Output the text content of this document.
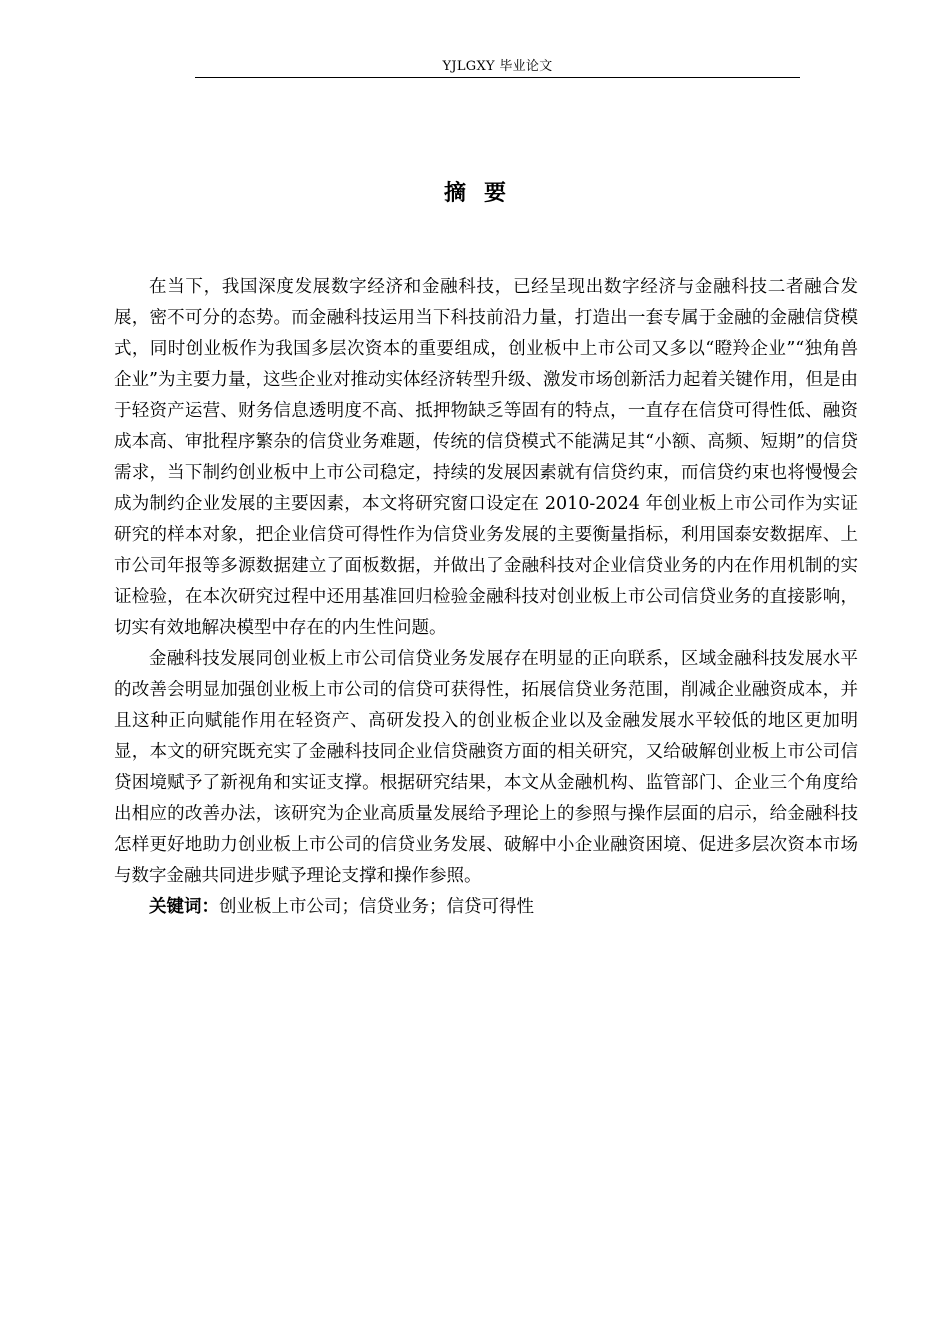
YJLGXY 毕业论文
摘要

在当下，我国深度发展数字经济和金融科技，已经呈现出数字经济与金融科技二者融合发展，密不可分的态势。而金融科技运用当下科技前沿力量，打造出一套专属于金融的金融信贷模式，同时创业板作为我国多层次资本的重要组成，创业板中上市公司又多以“瞪羚企业”“独角兽企业”为主要力量，这些企业对推动实体经济转型升级、激发市场创新活力起着关键作用，但是由于轻资产运营、财务信息透明度不高、抵押物缺乏等固有的特点，一直存在信贷可得性低、融资成本高、审批程序繁杂的信贷业务难题，传统的信贷模式不能满足其“小额、高频、短期”的信贷需求，当下制约创业板中上市公司稳定，持续的发展因素就有信贷约束，而信贷约束也将慢慢会成为制约企业发展的主要因素，本文将研究窗口设定在 2010-2024 年创业板上市公司作为实证研究的样本对象，把企业信贷可得性作为信贷业务发展的主要衡量指标，利用国泰安数据库、上市公司年报等多源数据建立了面板数据，并做出了金融科技对企业信贷业务的内在作用机制的实证检验，在本次研究过程中还用基准回归检验金融科技对创业板上市公司信贷业务的直接影响，切实有效地解决模型中存在的内生性问题。

金融科技发展同创业板上市公司信贷业务发展存在明显的正向联系，区域金融科技发展水平的改善会明显加强创业板上市公司的信贷可获得性，拓展信贷业务范围，削减企业融资成本，并且这种正向赋能作用在轻资产、高研发投入的创业板企业以及金融发展水平较低的地区更加明显，本文的研究既充实了金融科技同企业信贷融资方面的相关研究，又给破解创业板上市公司信贷困境赋予了新视角和实证支撑。根据研究结果，本文从金融机构、监管部门、企业三个角度给出相应的改善办法，该研究为企业高质量发展给予理论上的参照与操作层面的启示，给金融科技怎样更好地助力创业板上市公司的信贷业务发展、破解中小企业融资困境、促进多层次资本市场与数字金融共同进步赋予理论支撑和操作参照。

关键词：创业板上市公司；信贷业务；信贷可得性
